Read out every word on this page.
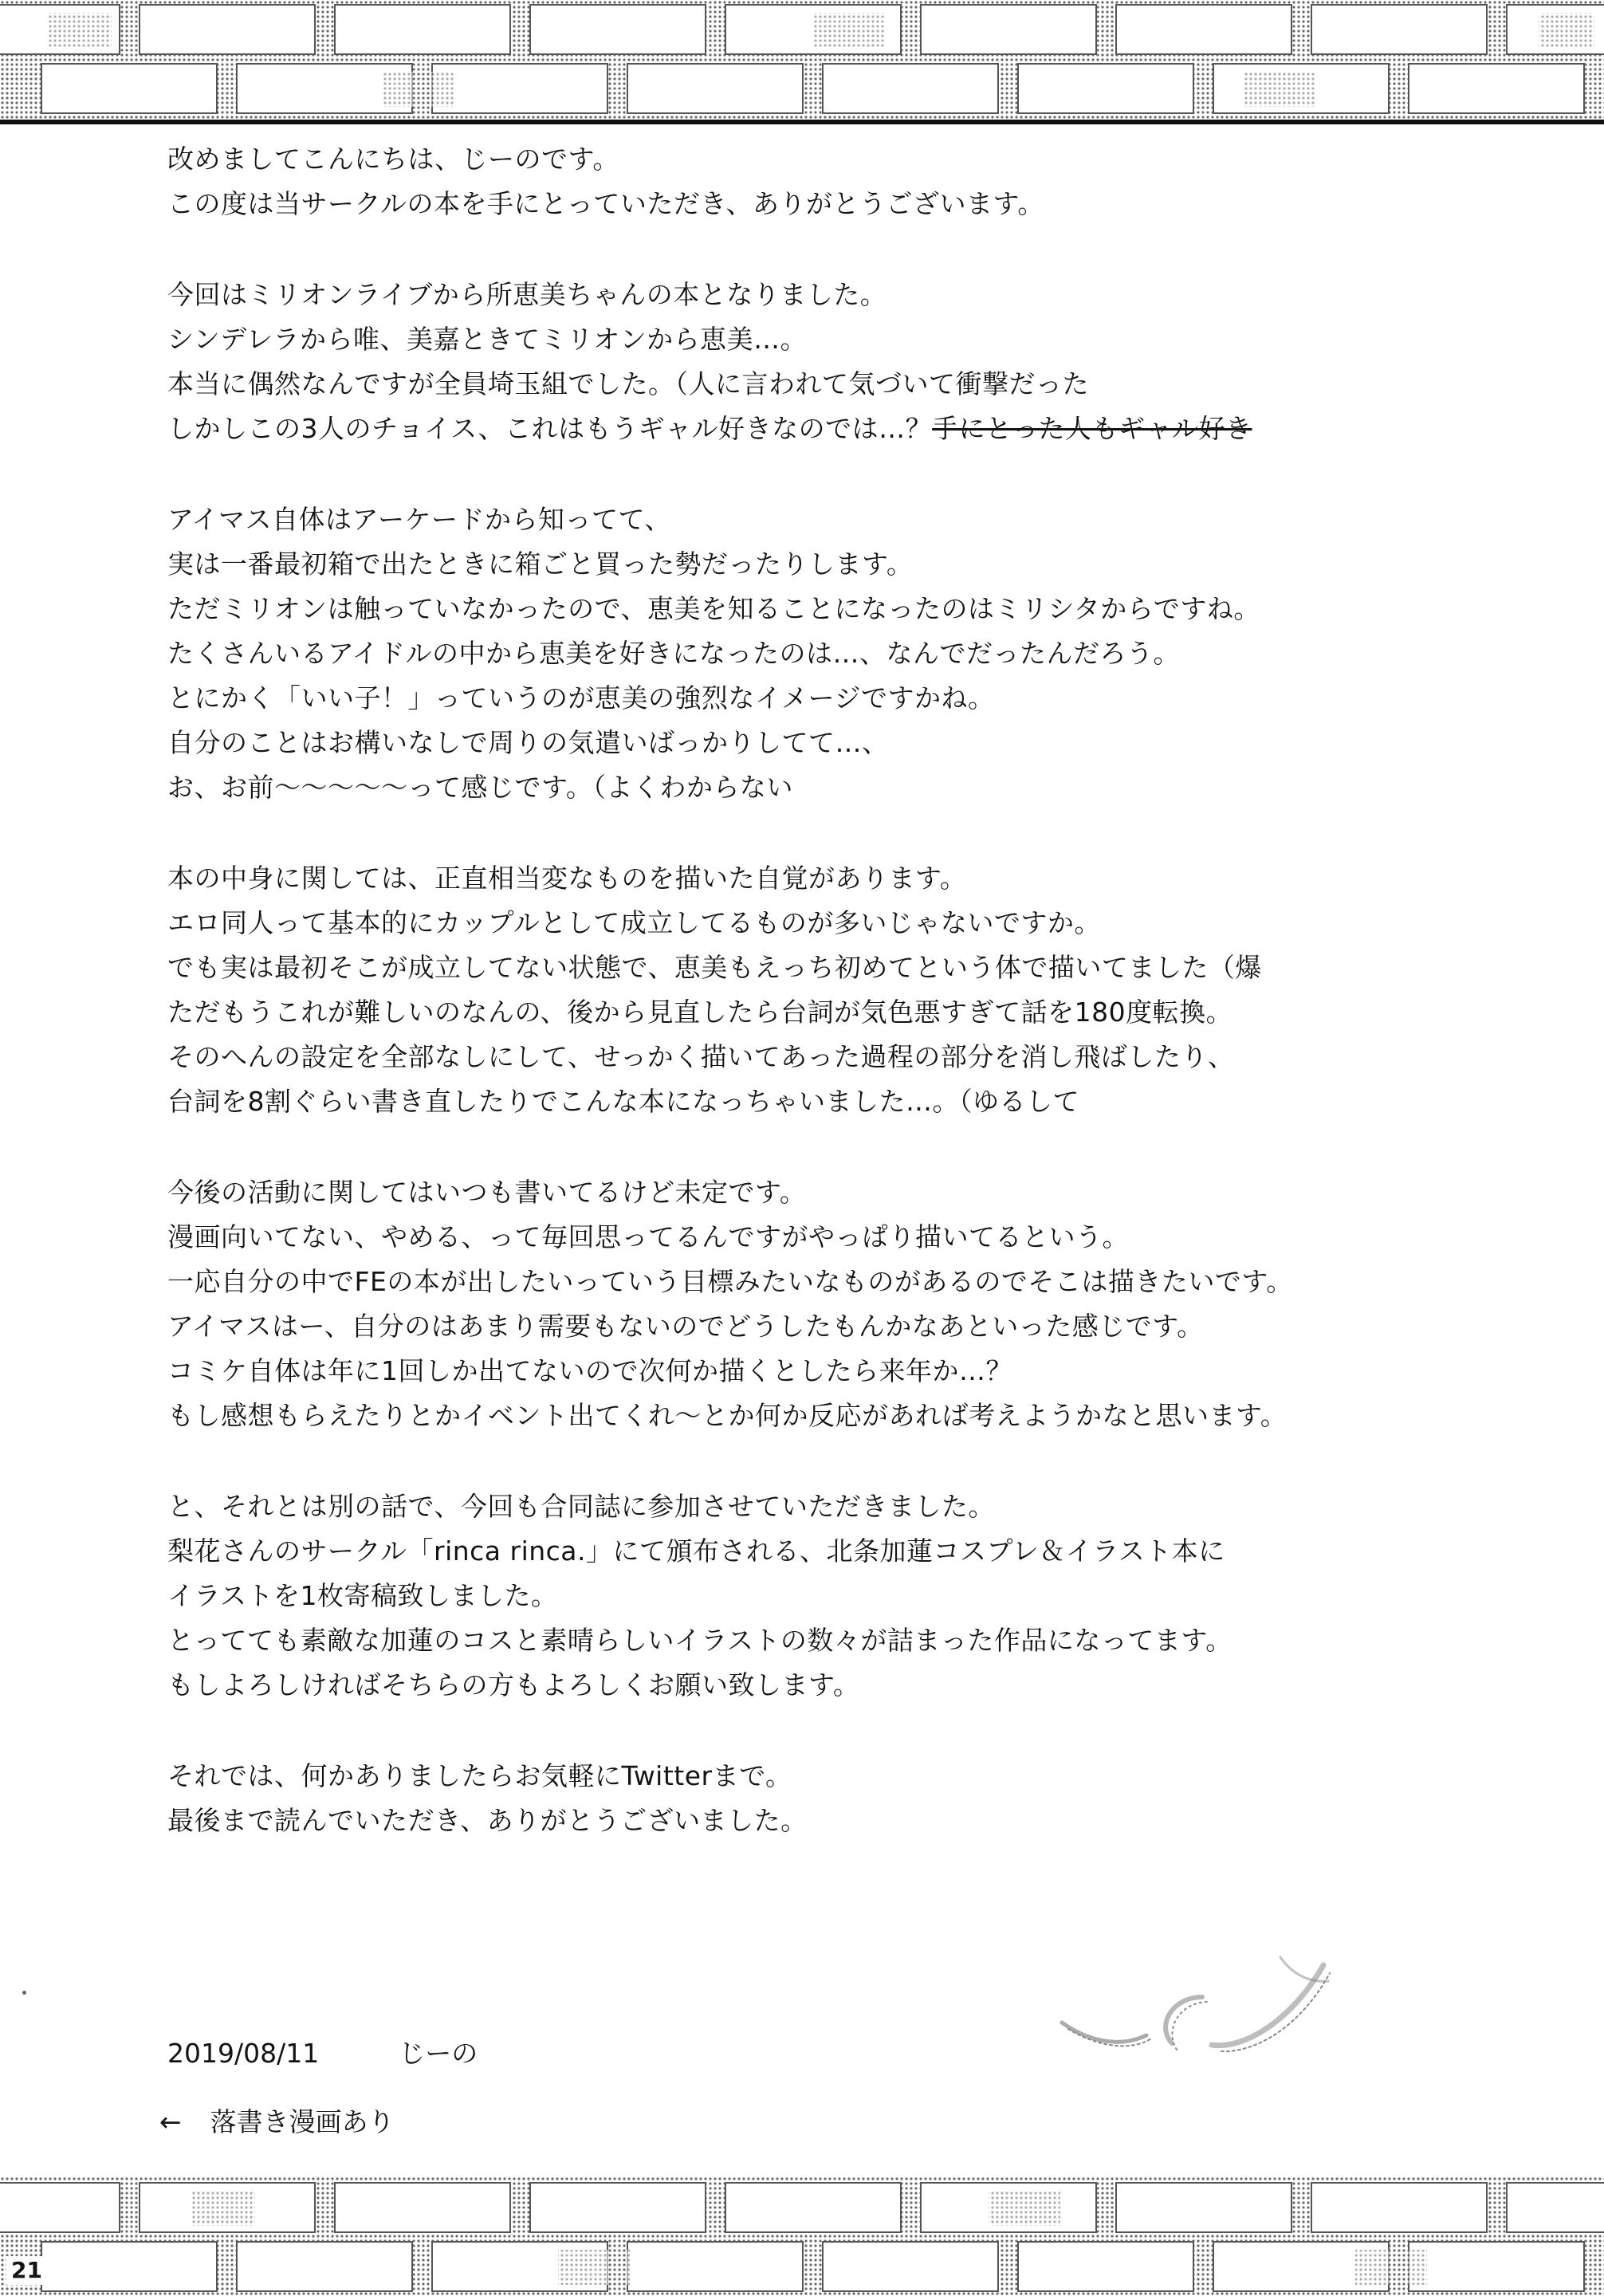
改めましてこんにちは、じーのです。
この度は当サークルの本を手にとっていただき、ありがとうございます。
今回はミリオンライブから所恵美ちゃんの本となりました。
シンデレラから唯、美嘉ときてミリオンから恵美…。
本当に偶然なんですが全員埼玉組でした。（人に言われて気づいて衝撃だった
しかしこの3人のチョイス、これはもうギャル好きなのでは…？手にとった人もギャル好き
アイマス自体はアーケードから知ってて、
実は一番最初箱で出たときに箱ごと買った勢だったりします。
ただミリオンは触っていなかったので、恵美を知ることになったのはミリシタからですね。
たくさんいるアイドルの中から恵美を好きになったのは…、なんでだったんだろう。
とにかく「いい子！」っていうのが恵美の強烈なイメージですかね。
自分のことはお構いなしで周りの気遣いばっかりしてて…、
お、お前〜〜〜〜〜って感じです。（よくわからない
本の中身に関しては、正直相当変なものを描いた自覚があります。
エロ同人って基本的にカップルとして成立してるものが多いじゃないですか。
でも実は最初そこが成立してない状態で、恵美もえっち初めてという体で描いてました（爆
ただもうこれが難しいのなんの、後から見直したら台詞が気色悪すぎて話を180度転換。
そのへんの設定を全部なしにして、せっかく描いてあった過程の部分を消し飛ばしたり、
台詞を8割ぐらい書き直したりでこんな本になっちゃいました…。（ゆるして
今後の活動に関してはいつも書いてるけど未定です。
漫画向いてない、やめる、って毎回思ってるんですがやっぱり描いてるという。
一応自分の中でFEの本が出したいっていう目標みたいなものがあるのでそこは描きたいです。
アイマスはー、自分のはあまり需要もないのでどうしたもんかなあといった感じです。
コミケ自体は年に1回しか出てないので次何か描くとしたら来年か…？
もし感想もらえたりとかイベント出てくれ〜とか何か反応があれば考えようかなと思います。
と、それとは別の話で、今回も合同誌に参加させていただきました。
梨花さんのサークル「rinca rinca.」にて頒布される、北条加蓮コスプレ＆イラスト本に
イラストを1枚寄稿致しました。
とってても素敵な加蓮のコスと素晴らしいイラストの数々が詰まった作品になってます。
もしよろしければそちらの方もよろしくお願い致します。
それでは、何かありましたらお気軽にTwitterまで。
最後まで読んでいただき、ありがとうございました。
2019/08/11	じーの
← 落書き漫画あり
21
